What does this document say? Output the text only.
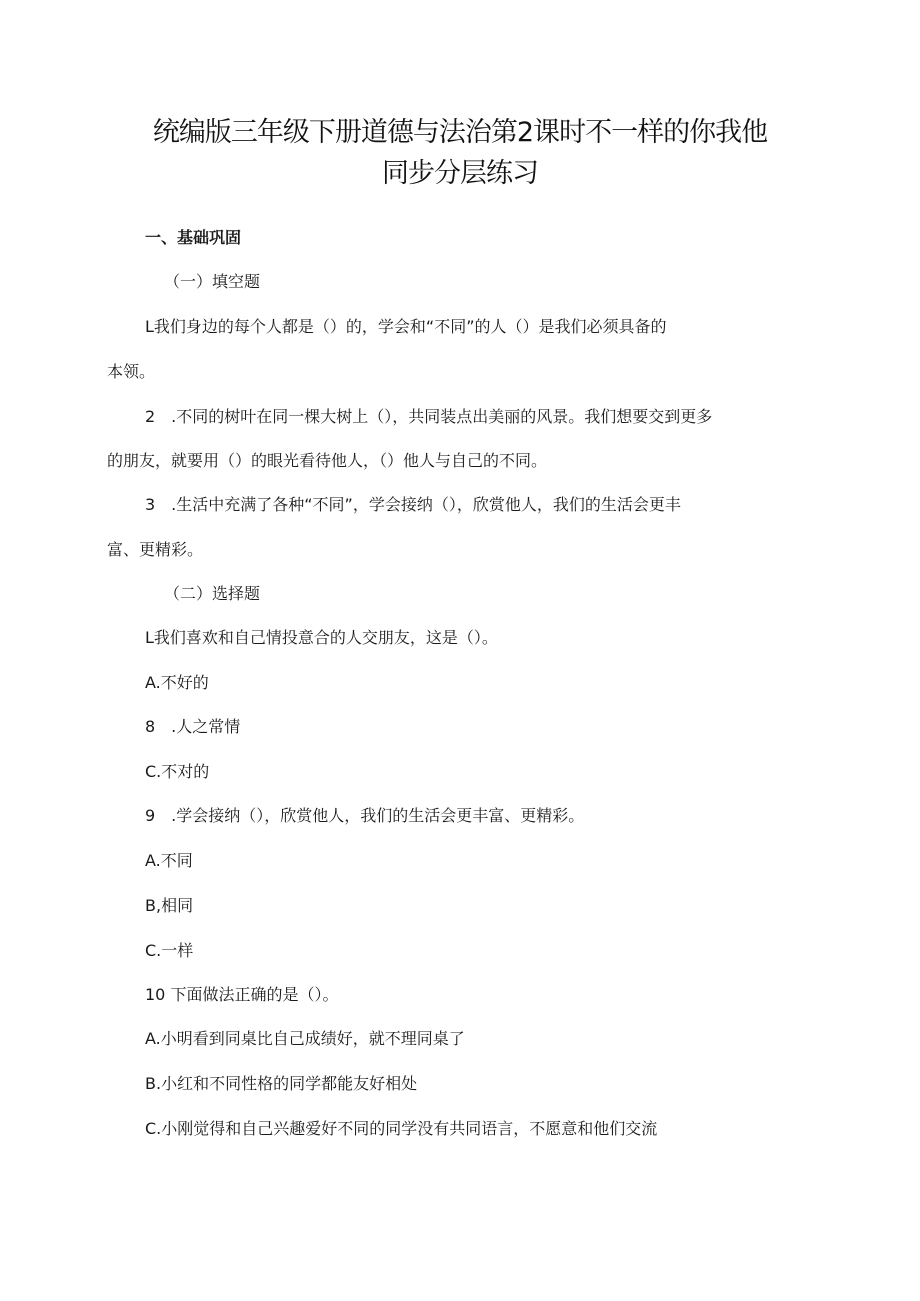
统编版三年级下册道德与法治第2课时不一样的你我他
同步分层练习
一、基础巩固
（一）填空题
L我们身边的每个人都是（）的，学会和“不同”的人（）是我们必须具备的
本领。
2　.不同的树叶在同一棵大树上（），共同装点出美丽的风景。我们想要交到更多
的朋友，就要用（）的眼光看待他人，（）他人与自己的不同。
3　.生活中充满了各种“不同”，学会接纳（），欣赏他人，我们的生活会更丰
富、更精彩。
（二）选择题
L我们喜欢和自己情投意合的人交朋友，这是（）。
A.不好的
8　.人之常情
C.不对的
9　.学会接纳（），欣赏他人，我们的生活会更丰富、更精彩。
A.不同
B,相同
C.一样
10 下面做法正确的是（）。
A.小明看到同桌比自己成绩好，就不理同桌了
B.小红和不同性格的同学都能友好相处
C.小刚觉得和自己兴趣爱好不同的同学没有共同语言，不愿意和他们交流
